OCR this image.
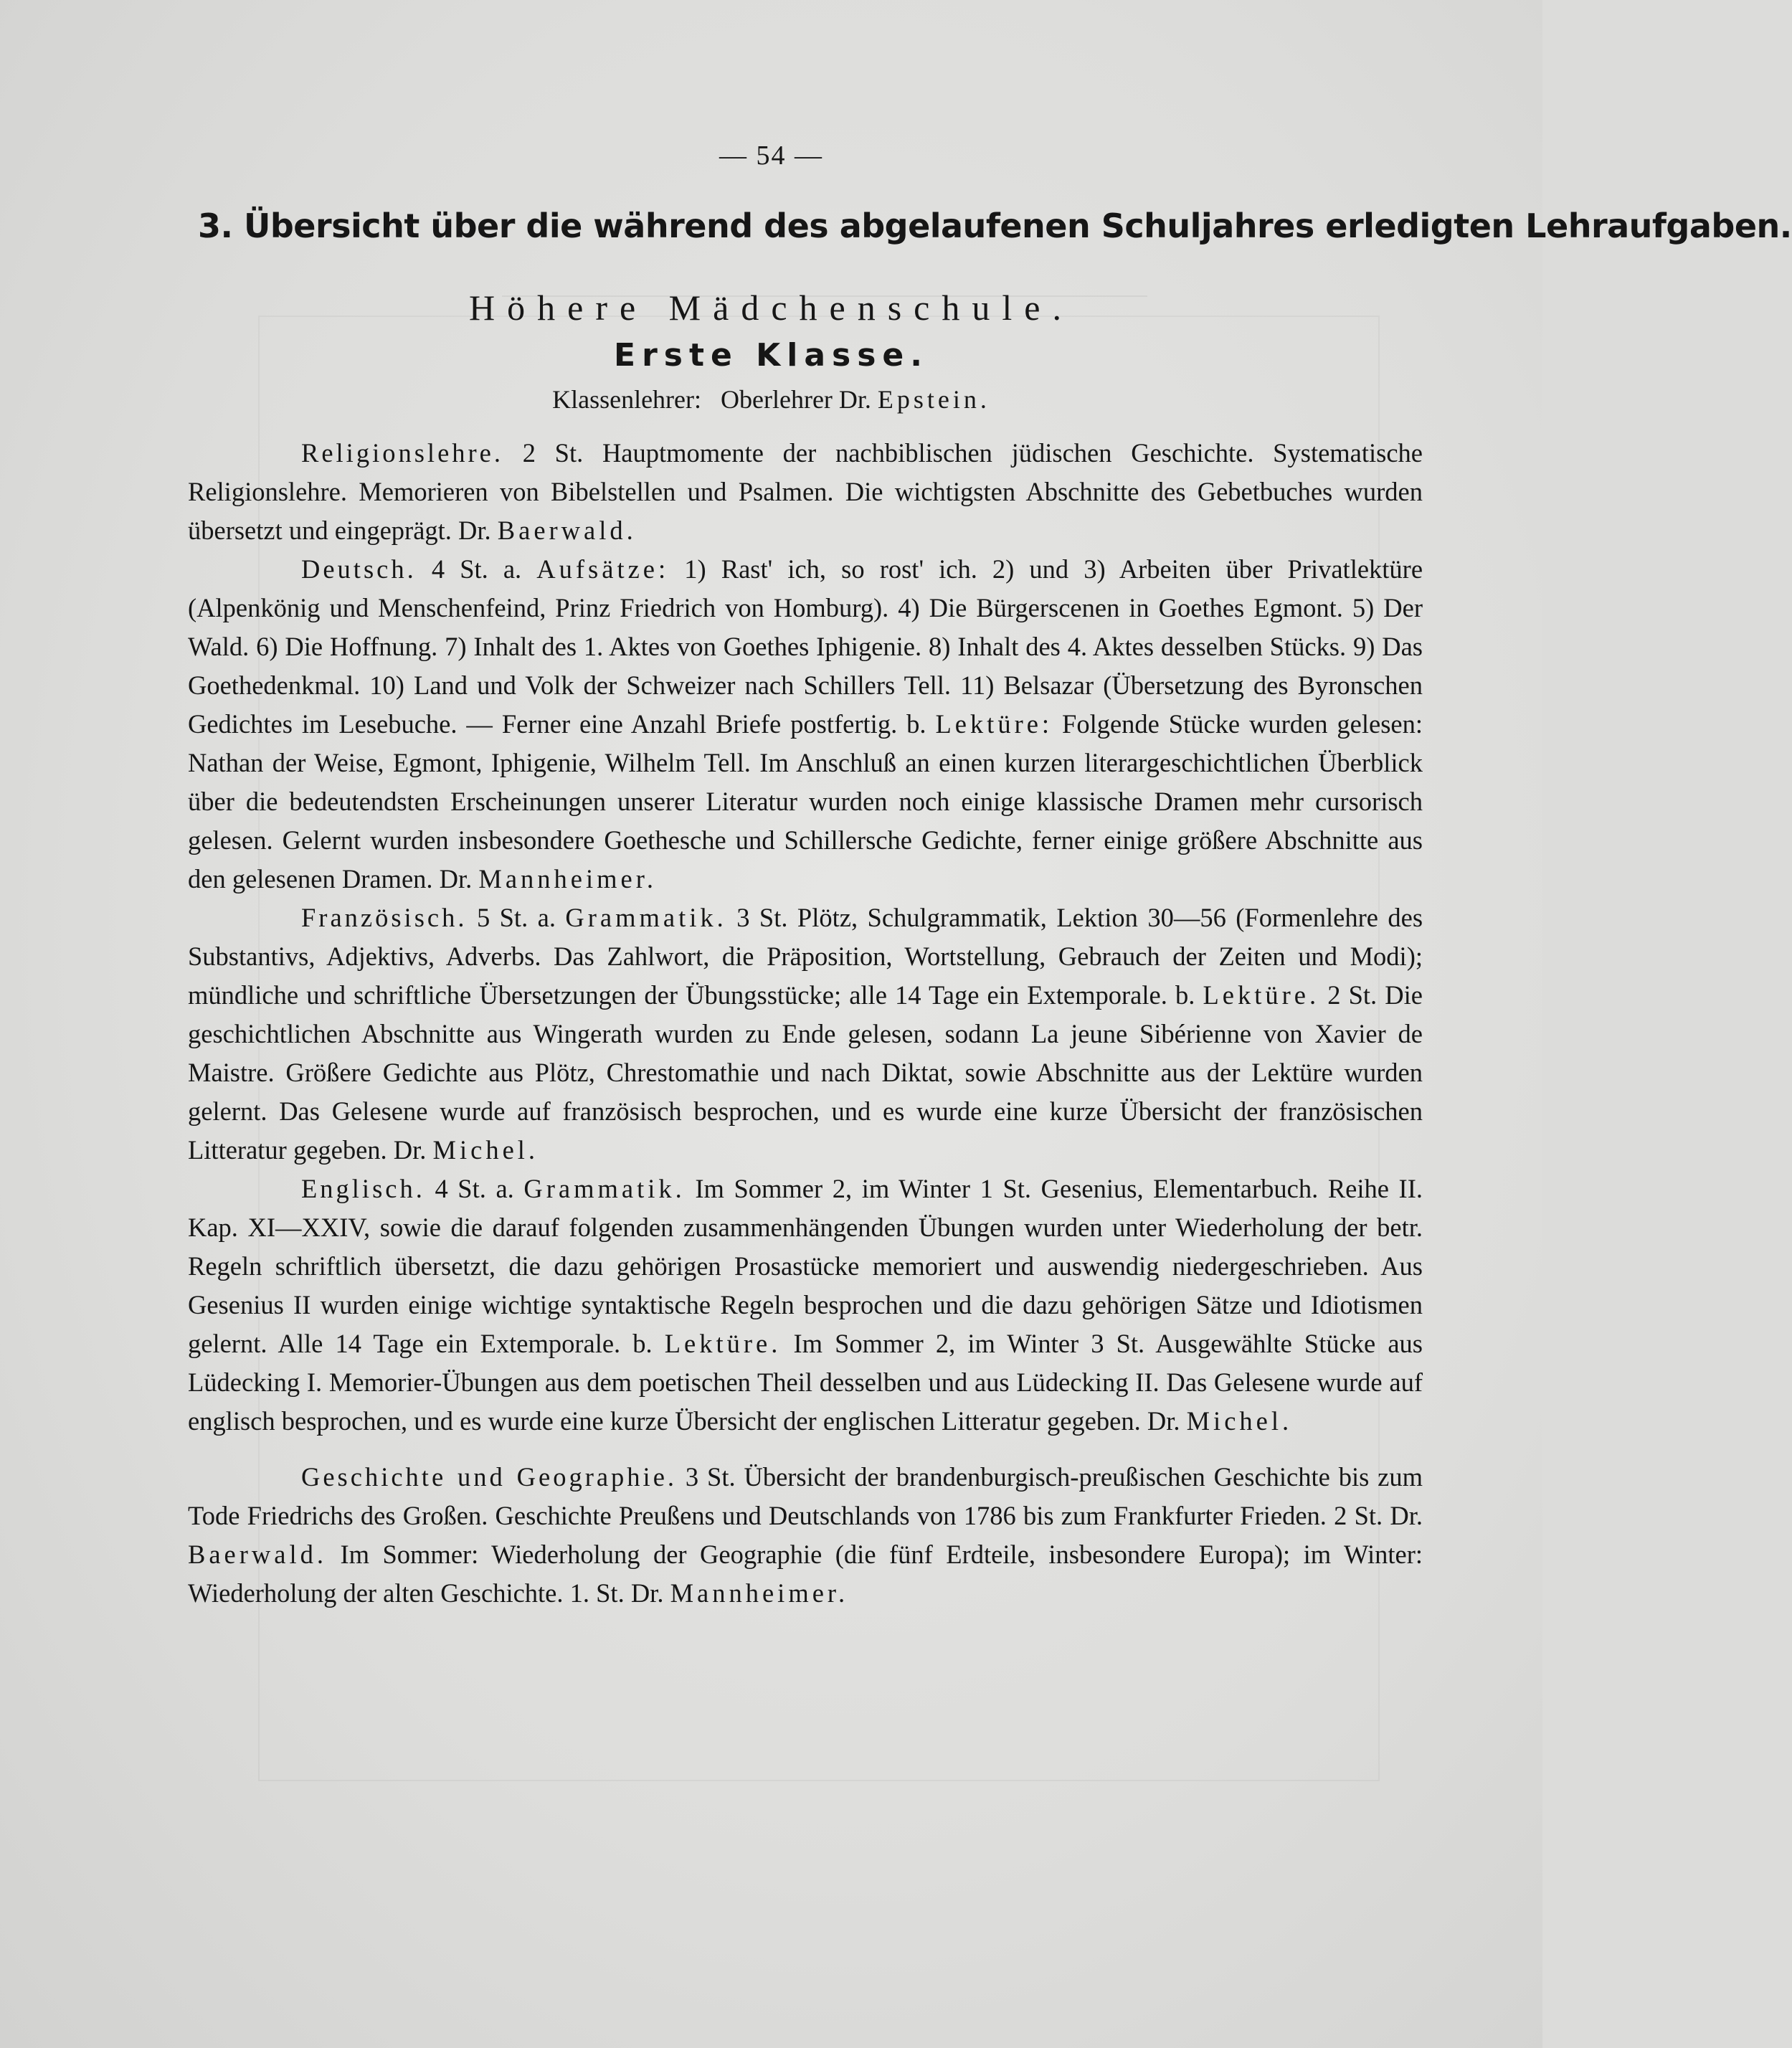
— 54 —
3. Übersicht über die während des abgelaufenen Schuljahres erledigten Lehraufgaben.
Höhere Mädchenschule.
Erste Klasse.
Klassenlehrer: Oberlehrer Dr. Epstein.

Religionslehre. 2 St. Hauptmomente der nachbiblischen jüdischen Geschichte. Systematische Religionslehre. Memorieren von Bibelstellen und Psalmen. Die wichtigsten Abschnitte des Gebetbuches wurden übersetzt und eingeprägt. Dr. Baerwald.

Deutsch. 4 St. a. Aufsätze: 1) Rast' ich, so rost' ich. 2) und 3) Arbeiten über Privatlektüre (Alpenkönig und Menschenfeind, Prinz Friedrich von Homburg). 4) Die Bürgerscenen in Goethes Egmont. 5) Der Wald. 6) Die Hoffnung. 7) Inhalt des 1. Aktes von Goethes Iphigenie. 8) Inhalt des 4. Aktes desselben Stücks. 9) Das Goethedenkmal. 10) Land und Volk der Schweizer nach Schillers Tell. 11) Belsazar (Übersetzung des Byronschen Gedichtes im Lesebuche. — Ferner eine Anzahl Briefe postfertig. b. Lektüre: Folgende Stücke wurden gelesen: Nathan der Weise, Egmont, Iphigenie, Wilhelm Tell. Im Anschluß an einen kurzen literargeschichtlichen Überblick über die bedeutendsten Erscheinungen unserer Literatur wurden noch einige klassische Dramen mehr cursorisch gelesen. Gelernt wurden insbesondere Goethesche und Schillersche Gedichte, ferner einige größere Abschnitte aus den gelesenen Dramen. Dr. Mannheimer.

Französisch. 5 St. a. Grammatik. 3 St. Plötz, Schulgrammatik, Lektion 30—56 (Formenlehre des Substantivs, Adjektivs, Adverbs. Das Zahlwort, die Präposition, Wortstellung, Gebrauch der Zeiten und Modi); mündliche und schriftliche Übersetzungen der Übungsstücke; alle 14 Tage ein Extemporale. b. Lektüre. 2 St. Die geschichtlichen Abschnitte aus Wingerath wurden zu Ende gelesen, sodann La jeune Sibérienne von Xavier de Maistre. Größere Gedichte aus Plötz, Chrestomathie und nach Diktat, sowie Abschnitte aus der Lektüre wurden gelernt. Das Gelesene wurde auf französisch besprochen, und es wurde eine kurze Übersicht der französischen Litteratur gegeben. Dr. Michel.

Englisch. 4 St. a. Grammatik. Im Sommer 2, im Winter 1 St. Gesenius, Elementarbuch. Reihe II. Kap. XI—XXIV, sowie die darauf folgenden zusammenhängenden Übungen wurden unter Wiederholung der betr. Regeln schriftlich übersetzt, die dazu gehörigen Prosastücke memoriert und auswendig niedergeschrieben. Aus Gesenius II wurden einige wichtige syntaktische Regeln besprochen und die dazu gehörigen Sätze und Idiotismen gelernt. Alle 14 Tage ein Extemporale. b. Lektüre. Im Sommer 2, im Winter 3 St. Ausgewählte Stücke aus Lüdecking I. Memorier-Übungen aus dem poetischen Theil desselben und aus Lüdecking II. Das Gelesene wurde auf englisch besprochen, und es wurde eine kurze Übersicht der englischen Litteratur gegeben. Dr. Michel.

Geschichte und Geographie. 3 St. Übersicht der brandenburgisch-preußischen Geschichte bis zum Tode Friedrichs des Großen. Geschichte Preußens und Deutschlands von 1786 bis zum Frankfurter Frieden. 2 St. Dr. Baerwald. Im Sommer: Wiederholung der Geographie (die fünf Erdteile, insbesondere Europa); im Winter: Wiederholung der alten Geschichte. 1. St. Dr. Mannheimer.
